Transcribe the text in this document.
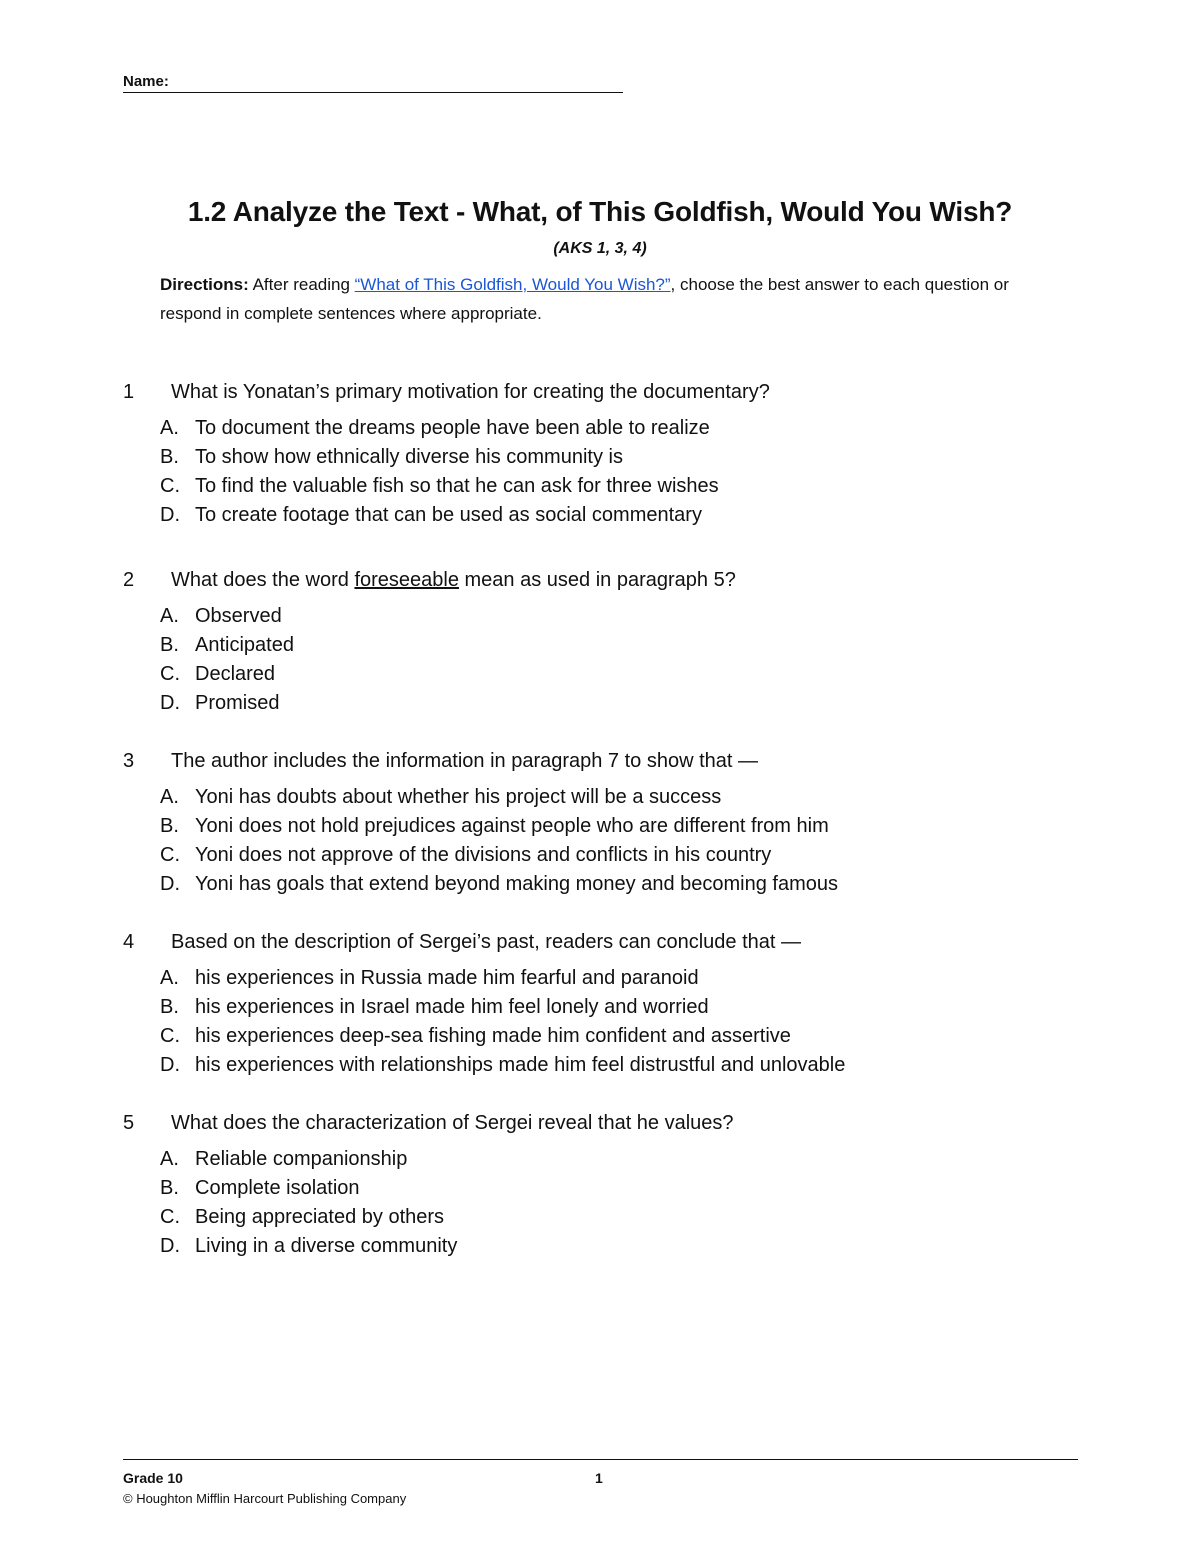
Name:
1.2 Analyze the Text - What, of This Goldfish, Would You Wish?
(AKS 1, 3, 4)
Directions: After reading “What of This Goldfish, Would You Wish?”, choose the best answer to each question or respond in complete sentences where appropriate.
1	What is Yonatan’s primary motivation for creating the documentary?
A. To document the dreams people have been able to realize
B. To show how ethnically diverse his community is
C. To find the valuable fish so that he can ask for three wishes
D. To create footage that can be used as social commentary
2	What does the word foreseeable mean as used in paragraph 5?
A. Observed
B. Anticipated
C. Declared
D. Promised
3	The author includes the information in paragraph 7 to show that —
A. Yoni has doubts about whether his project will be a success
B. Yoni does not hold prejudices against people who are different from him
C. Yoni does not approve of the divisions and conflicts in his country
D. Yoni has goals that extend beyond making money and becoming famous
4	Based on the description of Sergei’s past, readers can conclude that —
A. his experiences in Russia made him fearful and paranoid
B. his experiences in Israel made him feel lonely and worried
C. his experiences deep-sea fishing made him confident and assertive
D. his experiences with relationships made him feel distrustful and unlovable
5	What does the characterization of Sergei reveal that he values?
A. Reliable companionship
B. Complete isolation
C. Being appreciated by others
D. Living in a diverse community
Grade 10	1
© Houghton Mifflin Harcourt Publishing Company
